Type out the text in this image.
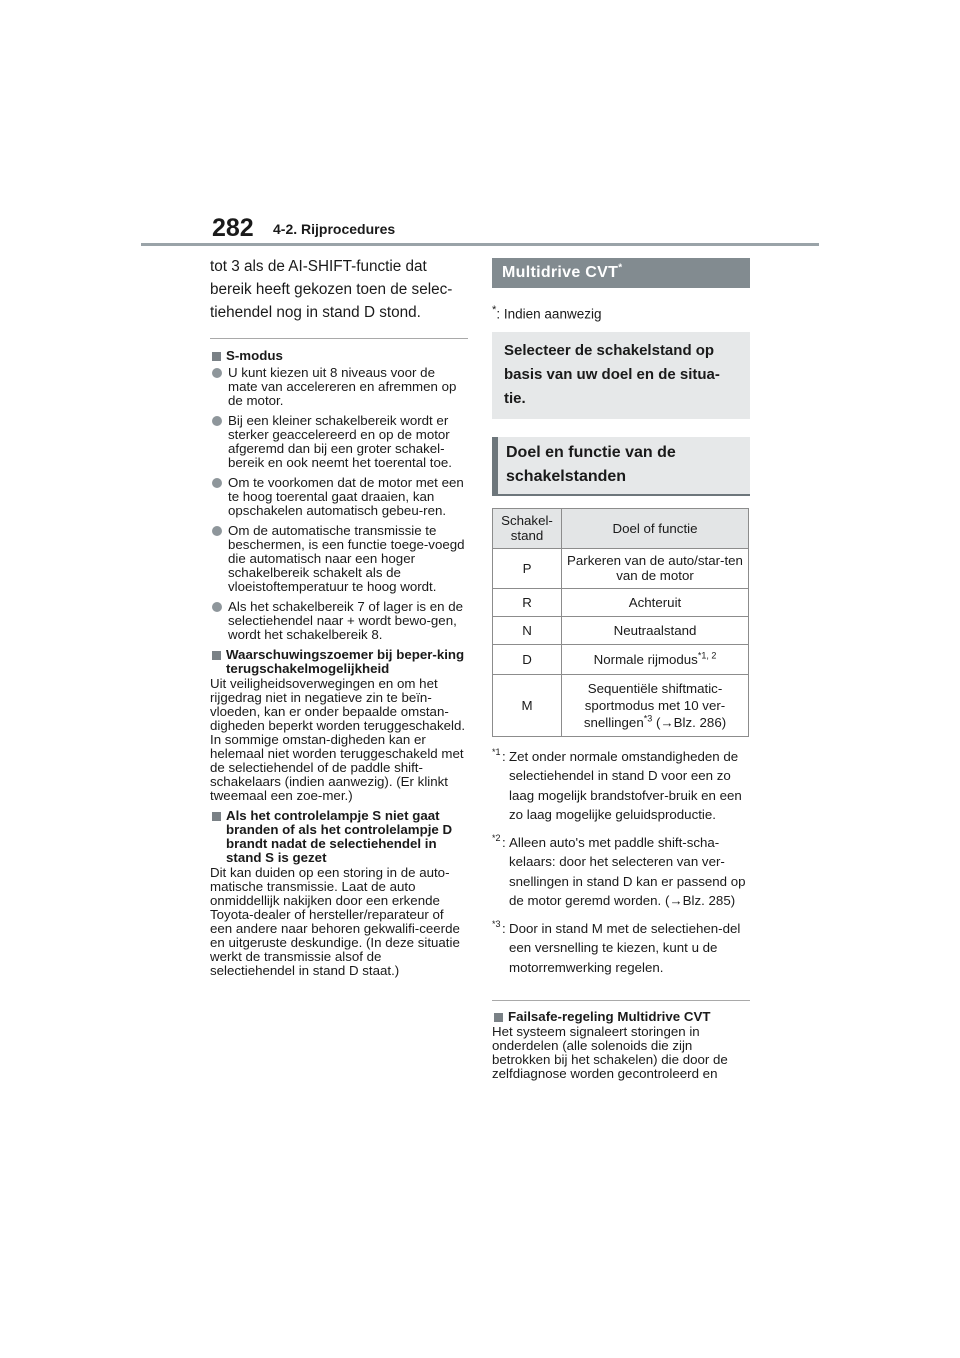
282 4-2. Rijprocedures
tot 3 als de AI-SHIFT-functie dat bereik heeft gekozen toen de selec-tiehendel nog in stand D stond.
S-modus
U kunt kiezen uit 8 niveaus voor de mate van accelereren en afremmen op de motor.
Bij een kleiner schakelbereik wordt er sterker geaccelereerd en op de motor afgeremd dan bij een groter schakel-bereik en ook neemt het toerental toe.
Om te voorkomen dat de motor met een te hoog toerental gaat draaien, kan opschakelen automatisch gebeu-ren.
Om de automatische transmissie te beschermen, is een functie toege-voegd die automatisch naar een hoger schakelbereik schakelt als de vloeistoftemperatuur te hoog wordt.
Als het schakelbereik 7 of lager is en de selectiehendel naar + wordt bewo-gen, wordt het schakelbereik 8.
Waarschuwingszoemer bij beper-king terugschakelmogelijkheid
Uit veiligheidsoverwegingen en om het rijgedrag niet in negatieve zin te beïn-vloeden, kan er onder bepaalde omstan-digheden beperkt worden teruggeschakeld. In sommige omstan-digheden kan er helemaal niet worden teruggeschakeld met de selectiehendel of de paddle shift-schakelaars (indien aanwezig). (Er klinkt tweemaal een zoe-mer.)
Als het controlelampje S niet gaat branden of als het controlelampje D brandt nadat de selectiehendel in stand S is gezet
Dit kan duiden op een storing in de auto-matische transmissie. Laat de auto onmiddellijk nakijken door een erkende Toyota-dealer of hersteller/reparateur of een andere naar behoren gekwalifi-ceerde en uitgeruste deskundige. (In deze situatie werkt de transmissie alsof de selectiehendel in stand D staat.)
Multidrive CVT*
*: Indien aanwezig
Selecteer de schakelstand op basis van uw doel en de situa-tie.
Doel en functie van de schakelstanden
Schakel-stand	Doel of functie
P	Parkeren van de auto/star-ten van de motor
R	Achteruit
N	Neutraalstand
D	Normale rijmodus$^{*1, 2}$
M	Sequentiële shiftmatic-sportmodus met 10 ver-snellingen$^{*3}$ (→Blz. 286)
*1 : Zet onder normale omstandigheden de selectiehendel in stand D voor een zo laag mogelijk brandstofver-bruik en een zo laag mogelijke geluidsproductie.
*2 : Alleen auto's met paddle shift-scha-kelaars: door het selecteren van ver-snellingen in stand D kan er passend op de motor geremd worden. (→Blz. 285)
*3 : Door in stand M met de selectiehen-del een versnelling te kiezen, kunt u de motorremwerking regelen.
Failsafe-regeling Multidrive CVT
Het systeem signaleert storingen in onderdelen (alle solenoids die zijn betrokken bij het schakelen) die door de zelfdiagnose worden gecontroleerd en
